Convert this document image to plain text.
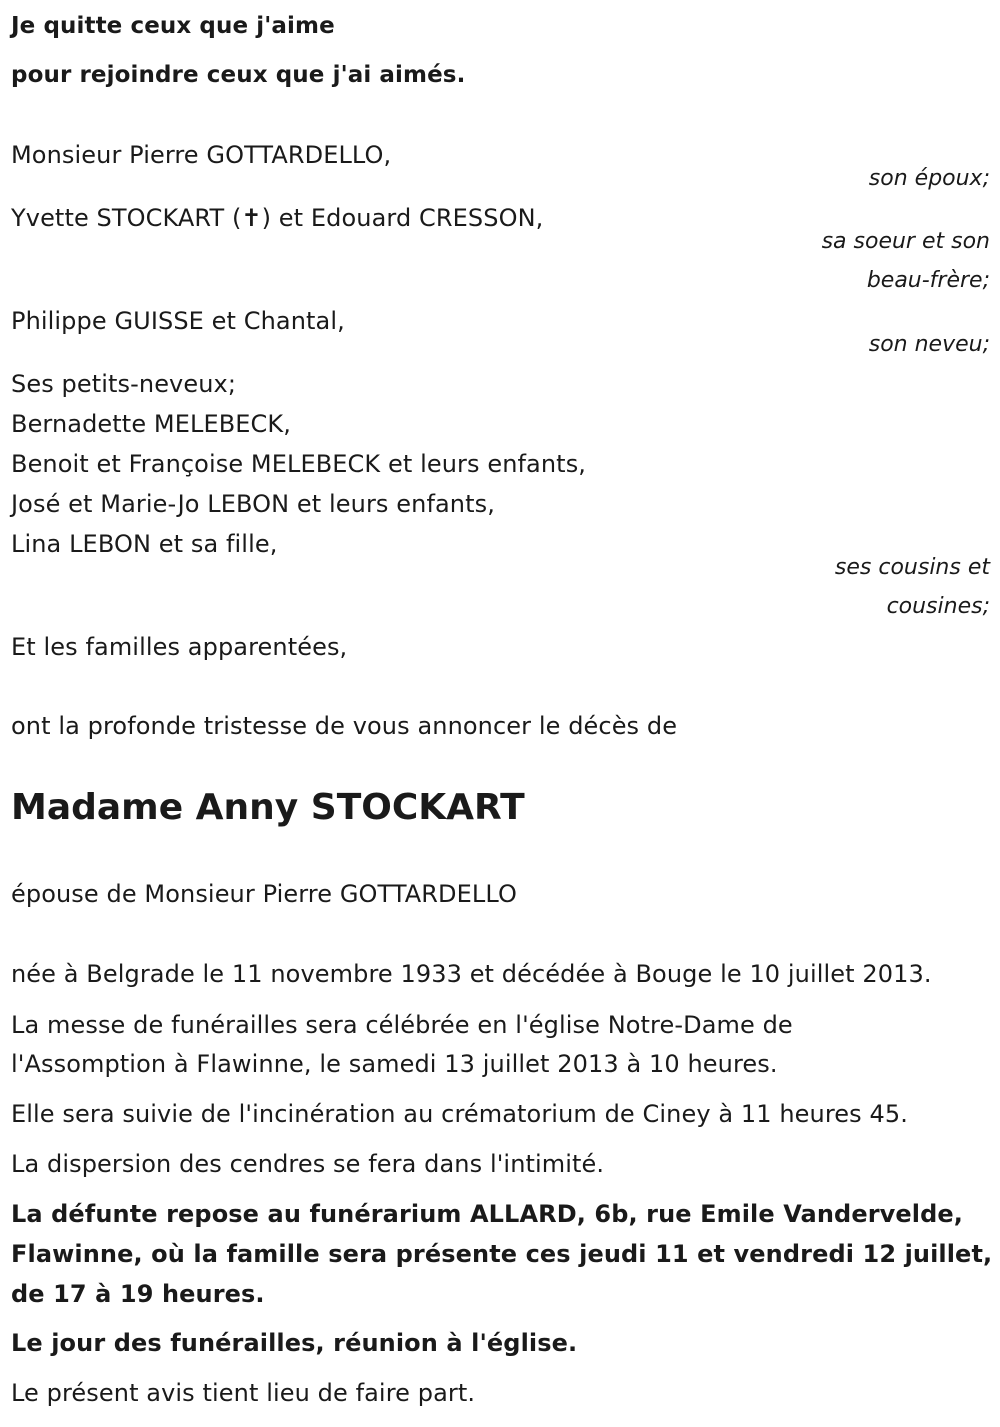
Je quitte ceux que j'aime
pour rejoindre ceux que j'ai aimés.
Monsieur Pierre GOTTARDELLO,
son époux;
Yvette STOCKART (✝) et Edouard CRESSON,
sa soeur et son
beau-frère;
Philippe GUISSE et Chantal,
son neveu;
Ses petits-neveux;
Bernadette MELEBECK,
Benoit et Françoise MELEBECK et leurs enfants,
José et Marie-Jo LEBON et leurs enfants,
Lina LEBON et sa fille,
ses cousins et
cousines;
Et les familles apparentées,
ont la profonde tristesse de vous annoncer le décès de
Madame Anny STOCKART
épouse de Monsieur Pierre GOTTARDELLO
née à Belgrade le 11 novembre 1933 et décédée à Bouge le 10 juillet 2013.
La messe de funérailles sera célébrée en l'église Notre-Dame de
l'Assomption à Flawinne, le samedi 13 juillet 2013 à 10 heures.
Elle sera suivie de l'incinération au crématorium de Ciney à 11 heures 45.
La dispersion des cendres se fera dans l'intimité.
La défunte repose au funérarium ALLARD, 6b, rue Emile Vandervelde,
Flawinne, où la famille sera présente ces jeudi 11 et vendredi 12 juillet,
de 17 à 19 heures.
Le jour des funérailles, réunion à l'église.
Le présent avis tient lieu de faire part.
